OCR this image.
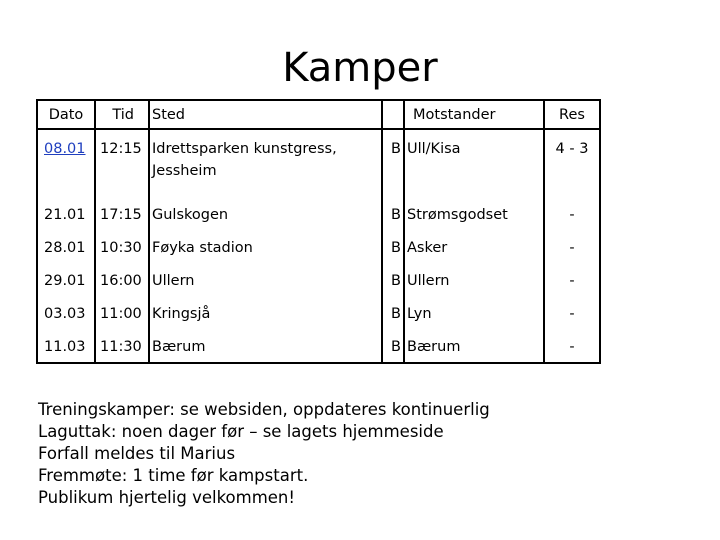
Kamper
Dato	Tid	Sted		Motstander	Res
08.01	12:15	Idrettsparken kunstgress, Jessheim	B	Ull/Kisa	4 - 3
21.01	17:15	Gulskogen	B	Strømsgodset	-
28.01	10:30	Føyka stadion	B	Asker	-
29.01	16:00	Ullern	B	Ullern	-
03.03	11:00	Kringsjå	B	Lyn	-
11.03	11:30	Bærum	B	Bærum	-
Treningskamper: se websiden, oppdateres kontinuerlig
Laguttak: noen dager før – se lagets hjemmeside
Forfall meldes til Marius
Fremmøte: 1 time før kampstart.
Publikum hjertelig velkommen!
